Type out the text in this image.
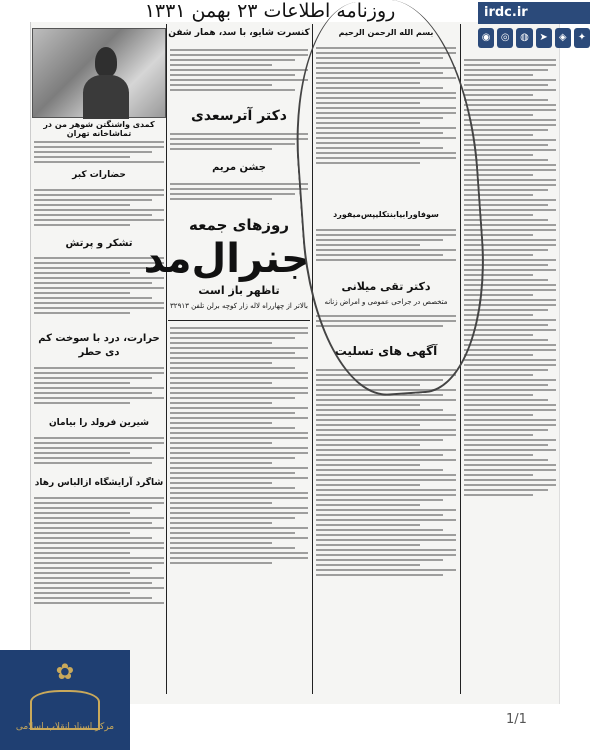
روزنامه اطلاعات ۲۳ بهمن ۱۳۳۱	irdc.ir
◉	◎	◍	➤	◈	✦
کمدی واشنگتن شوهر من در تماشاخانه تهران
حضارات کبر
تشکر و پرتش
حرارت، درد با سوخت کم دی حطر
شیرین فرولد را بیامان
شاگرد آرایشگاه ازالباس رهاد
کنسرت شایو، با سد، همار شفن
دکتر آترسعدی
جشن مریم
روزهای جمعه
جنرال‌مد
تاظهر باز است
بالاتر از چهارراه لاله زار کوچه برلن تلفن ۳۲۹۱۳
بسم الله الرحمن الرحیم
سوفاورابیابنتکلیپس‌میفورد
دکتر تقی میلانی
متخصص در جراحی عمومی و امراض زنانه
آگهی های تسلیت
✿
مرکز اسناد انقلاب اسلامی	1/1
